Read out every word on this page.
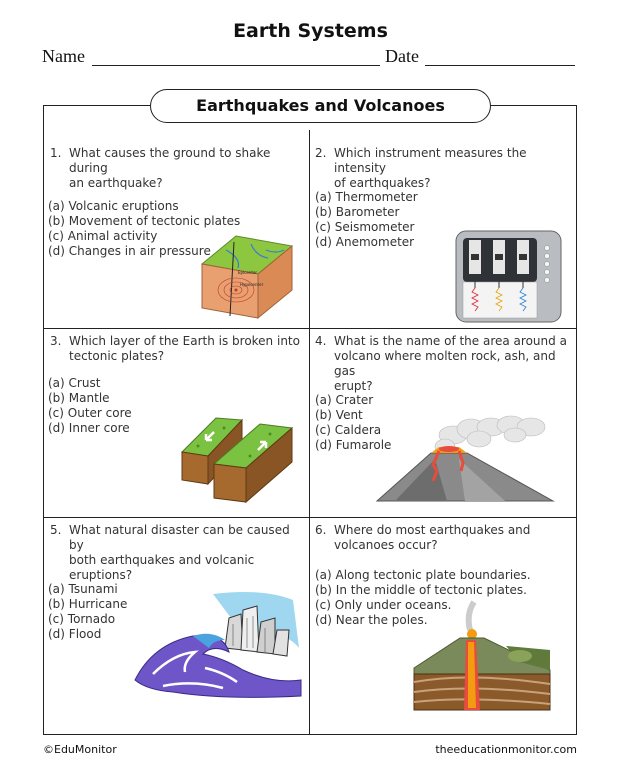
Earth Systems
Name	Date
Earthquakes and Volcanoes
1. What causes the ground to shake during
an earthquake?
(a) Volcanic eruptions
(b) Movement of tectonic plates
(c) Animal activity
(d) Changes in air pressure
Epicenter
Hypocenter
2. Which instrument measures the intensity
of earthquakes?
(a) Thermometer
(b) Barometer
(c) Seismometer
(d) Anemometer
3. Which layer of the Earth is broken into
tectonic plates?
(a) Crust
(b) Mantle
(c) Outer core
(d) Inner core
4. What is the name of the area around a
volcano where molten rock, ash, and gas
erupt?
(a) Crater
(b) Vent
(c) Caldera
(d) Fumarole
5. What natural disaster can be caused by
both earthquakes and volcanic
eruptions?
(a) Tsunami
(b) Hurricane
(c) Tornado
(d) Flood
6. Where do most earthquakes and
volcanoes occur?
(a) Along tectonic plate boundaries.
(b) In the middle of tectonic plates.
(c) Only under oceans.
(d) Near the poles.
©EduMonitor	theeducationmonitor.com
